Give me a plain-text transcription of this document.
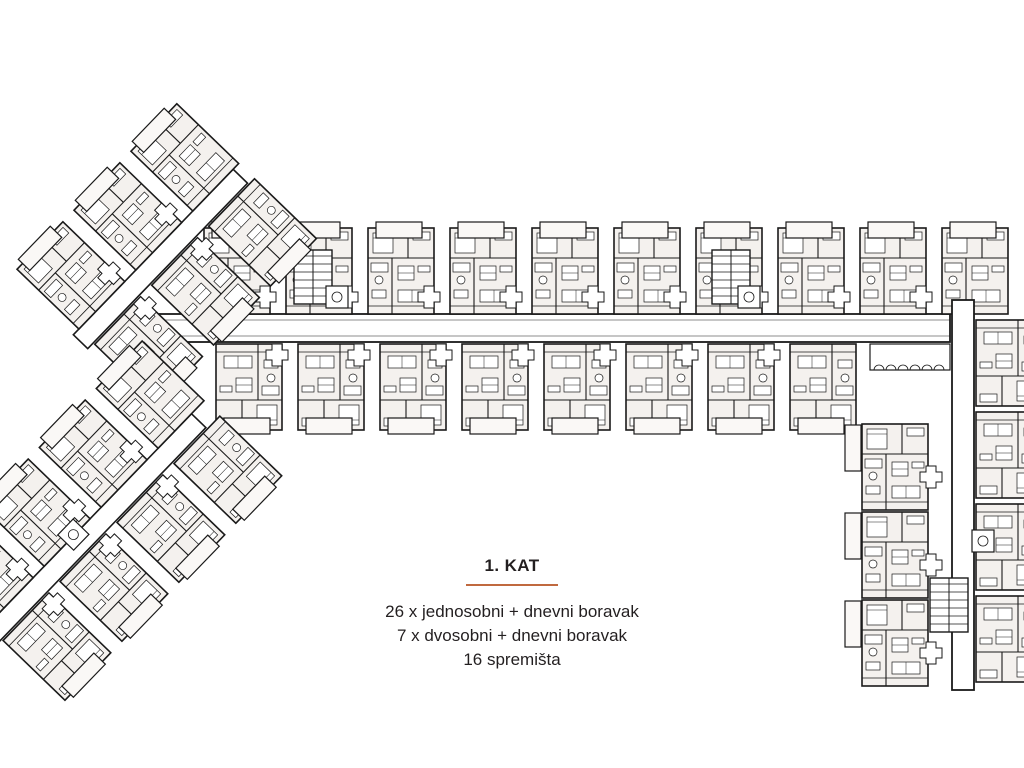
1. KAT
26 x jednosobni + dnevni boravak
7 x dvosobni + dnevni boravak
16 spremišta
